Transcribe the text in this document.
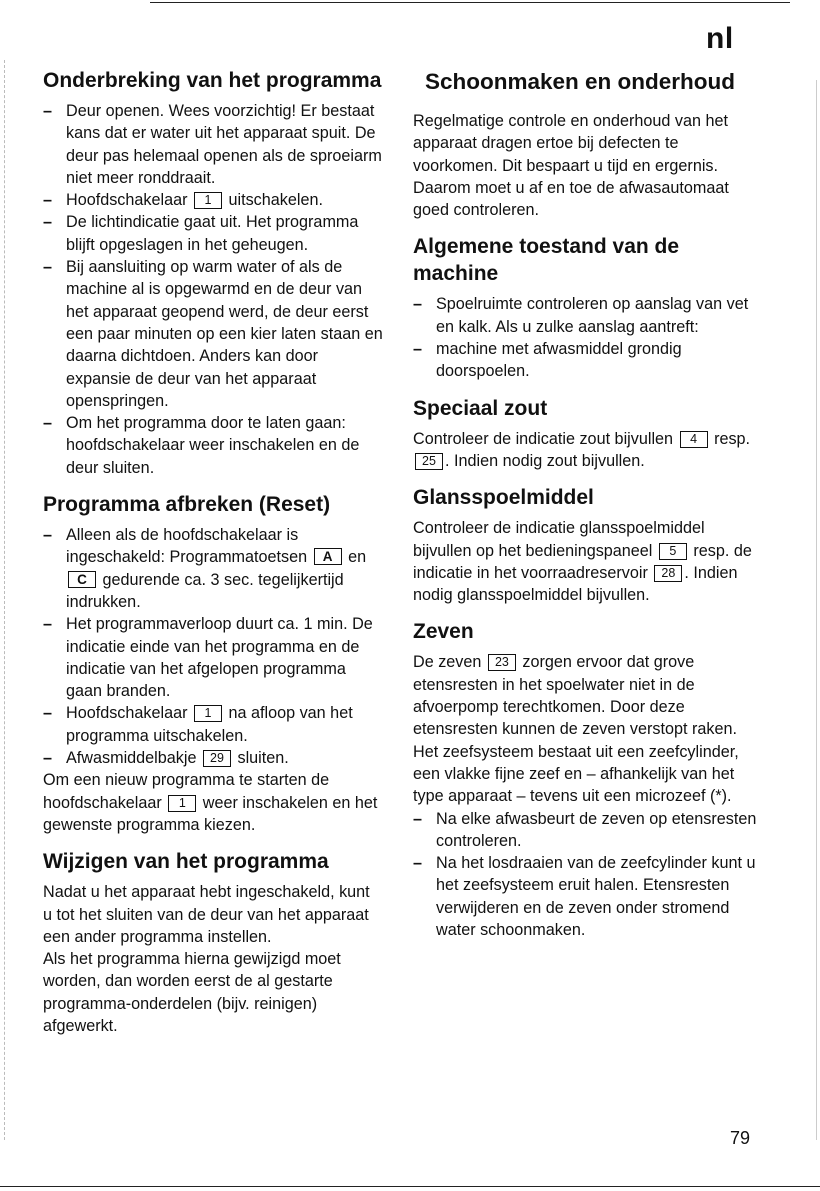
nl
Onderbreking van het programma
– Deur openen. Wees voorzichtig! Er bestaat kans dat er water uit het apparaat spuit. De deur pas helemaal openen als de sproeiarm niet meer ronddraait.
– Hoofdschakelaar 1 uitschakelen.
– De lichtindicatie gaat uit. Het programma blijft opgeslagen in het geheugen.
– Bij aansluiting op warm water of als de machine al is opgewarmd en de deur van het apparaat geopend werd, de deur eerst een paar minuten op een kier laten staan en daarna dichtdoen. Anders kan door expansie de deur van het apparaat openspringen.
– Om het programma door te laten gaan: hoofdschakelaar weer inschakelen en de deur sluiten.
Programma afbreken (Reset)
– Alleen als de hoofdschakelaar is ingeschakeld: Programmatoetsen A en C gedurende ca. 3 sec. tegelijkertijd indrukken.
– Het programmaverloop duurt ca. 1 min. De indicatie einde van het programma en de indicatie van het afgelopen programma gaan branden.
– Hoofdschakelaar 1 na afloop van het programma uitschakelen.
– Afwasmiddelbakje 29 sluiten.

Om een nieuw programma te starten de hoofdschakelaar 1 weer inschakelen en het gewenste programma kiezen.

Wijzigen van het programma

Nadat u het apparaat hebt ingeschakeld, kunt u tot het sluiten van de deur van het apparaat een ander programma instellen.

Als het programma hierna gewijzigd moet worden, dan worden eerst de al gestarte programma-onderdelen (bijv. reinigen) afgewerkt.

Schoonmaken en onderhoud

Regelmatige controle en onderhoud van het apparaat dragen ertoe bij defecten te voorkomen. Dit bespaart u tijd en ergernis. Daarom moet u af en toe de afwasautomaat goed controleren.

Algemene toestand van de machine
– Spoelruimte controleren op aanslag van vet en kalk. Als u zulke aanslag aantreft:
– machine met afwasmiddel grondig doorspoelen.
Speciaal zout

Controleer de indicatie zout bijvullen 4 resp. 25 . Indien nodig zout bijvullen.

Glansspoelmiddel

Controleer de indicatie glansspoelmiddel bijvullen op het bedieningspaneel 5 resp. de indicatie in het voorraadreservoir 28 . Indien nodig glansspoelmiddel bijvullen.

Zeven

De zeven 23 zorgen ervoor dat grove etensresten in het spoelwater niet in de afvoerpomp terechtkomen. Door deze etensresten kunnen de zeven verstopt raken.

Het zeefsysteem bestaat uit een zeefcylinder, een vlakke fijne zeef en – afhankelijk van het type apparaat – tevens uit een microzeef (*).

– Na elke afwasbeurt de zeven op etensresten controleren.
– Na het losdraaien van de zeefcylinder kunt u het zeefsysteem eruit halen. Etensresten verwijderen en de zeven onder stromend water schoonmaken.
79
